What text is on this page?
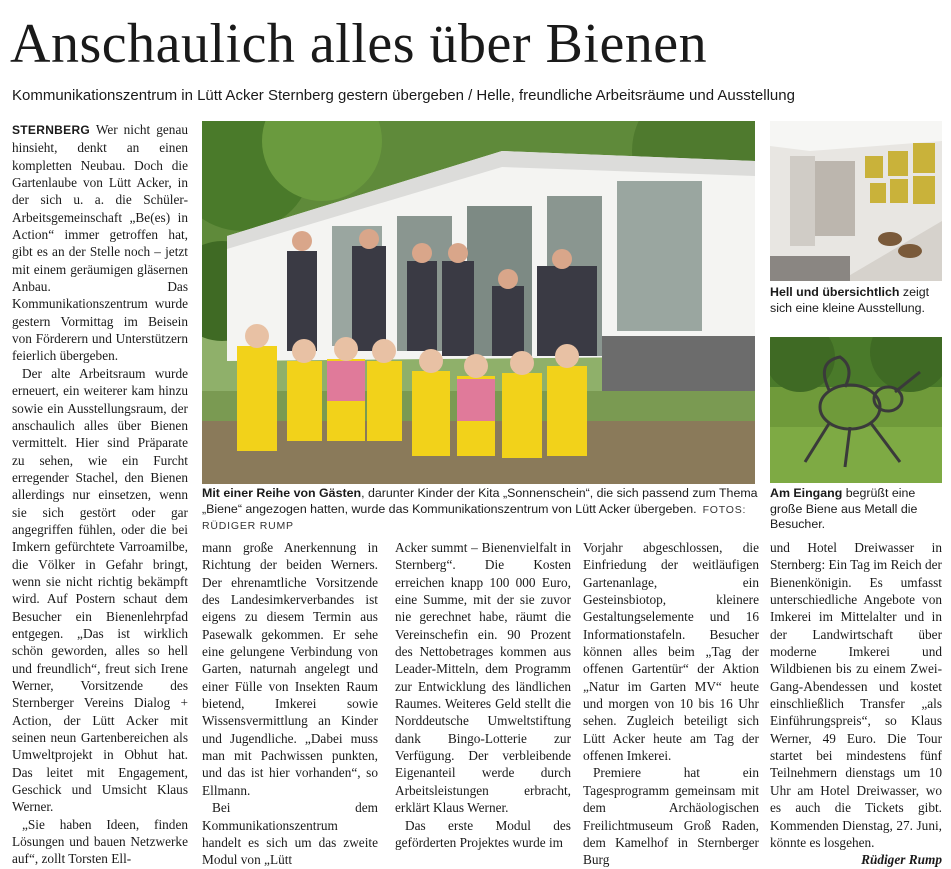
Anschaulich alles über Bienen

Kommunikationszentrum in Lütt Acker Sternberg gestern übergeben / Helle, freundliche Arbeitsräume und Ausstellung

STERNBERG Wer nicht genau hinsieht, denkt an einen kompletten Neubau. Doch die Gartenlaube von Lütt Acker, in der sich u. a. die Schüler-Arbeitsgemeinschaft „Be(es) in Action“ immer getroffen hat, gibt es an der Stelle noch – jetzt mit einem geräumigen gläsernen Anbau. Das Kommunikationszentrum wurde gestern Vormittag im Beisein von Förderern und Unterstützern feierlich übergeben.

Der alte Arbeitsraum wurde erneuert, ein weiterer kam hinzu sowie ein Ausstellungsraum, der anschaulich alles über Bienen vermittelt. Hier sind Präparate zu sehen, wie ein Furcht erregender Stachel, den Bienen allerdings nur einsetzen, wenn sie sich gestört oder gar angegriffen fühlen, oder die bei Imkern gefürchtete Varroamilbe, die Völker in Gefahr bringt, wenn sie nicht richtig bekämpft wird. Auf Postern schaut dem Besucher ein Bienenlehrpfad entgegen. „Das ist wirklich schön geworden, alles so hell und freundlich“, freut sich Irene Werner, Vorsitzende des Sternberger Vereins Dialog + Action, der Lütt Acker mit seinen neun Gartenbereichen als Umweltprojekt in Obhut hat. Das leitet mit Engagement, Geschick und Umsicht Klaus Werner.

„Sie haben Ideen, finden Lösungen und bauen Netzwerke auf“, zollt Torsten Ell-

Mit einer Reihe von Gästen, darunter Kinder der Kita „Sonnenschein“, die sich passend zum Thema „Biene“ angezogen hatten, wurde das Kommunikationszentrum von Lütt Acker übergeben. FOTOS: RÜDIGER RUMP

Hell und übersichtlich zeigt sich eine kleine Ausstellung.

Am Eingang begrüßt eine große Biene aus Metall die Besucher.

mann große Anerkennung in Richtung der beiden Werners. Der ehrenamtliche Vorsitzende des Landesimkerverbandes ist eigens zu diesem Termin aus Pasewalk gekommen. Er sehe eine gelungene Verbindung von Garten, naturnah angelegt und einer Fülle von Insekten Raum bietend, Imkerei sowie Wissensvermittlung an Kinder und Jugendliche. „Dabei muss man mit Pachwissen punkten, und das ist hier vorhanden“, so Ellmann.

Bei dem Kommunikationszentrum handelt es sich um das zweite Modul von „Lütt

Acker summt – Bienenvielfalt in Sternberg“. Die Kosten erreichen knapp 100 000 Euro, eine Summe, mit der sie zuvor nie gerechnet habe, räumt die Vereinschefin ein. 90 Prozent des Nettobetrages kommen aus Leader-Mitteln, dem Programm zur Entwicklung des ländlichen Raumes. Weiteres Geld stellt die Norddeutsche Umweltstiftung dank Bingo-Lotterie zur Verfügung. Der verbleibende Eigenanteil werde durch Arbeitsleistungen erbracht, erklärt Klaus Werner.

Das erste Modul des geförderten Projektes wurde im

Vorjahr abgeschlossen, die Einfriedung der weitläufigen Gartenanlage, ein Gesteinsbiotop, kleinere Gestaltungselemente und 16 Informationstafeln. Besucher können alles beim „Tag der offenen Gartentür“ der Aktion „Natur im Garten MV“ heute und morgen von 10 bis 16 Uhr sehen. Zugleich beteiligt sich Lütt Acker heute am Tag der offenen Imkerei.

Premiere hat ein Tagesprogramm gemeinsam mit dem Archäologischen Freilichtmuseum Groß Raden, dem Kamelhof in Sternberger Burg

und Hotel Dreiwasser in Sternberg: Ein Tag im Reich der Bienenkönigin. Es umfasst unterschiedliche Angebote von Imkerei im Mittelalter und in der Landwirtschaft über moderne Imkerei und Wildbienen bis zu einem Zwei-Gang-Abendessen und kostet einschließlich Transfer „als Einführungspreis“, so Klaus Werner, 49 Euro. Die Tour startet bei mindestens fünf Teilnehmern dienstags um 10 Uhr am Hotel Dreiwasser, wo es auch die Tickets gibt. Kommenden Dienstag, 27. Juni, könnte es losgehen.
Rüdiger Rump
